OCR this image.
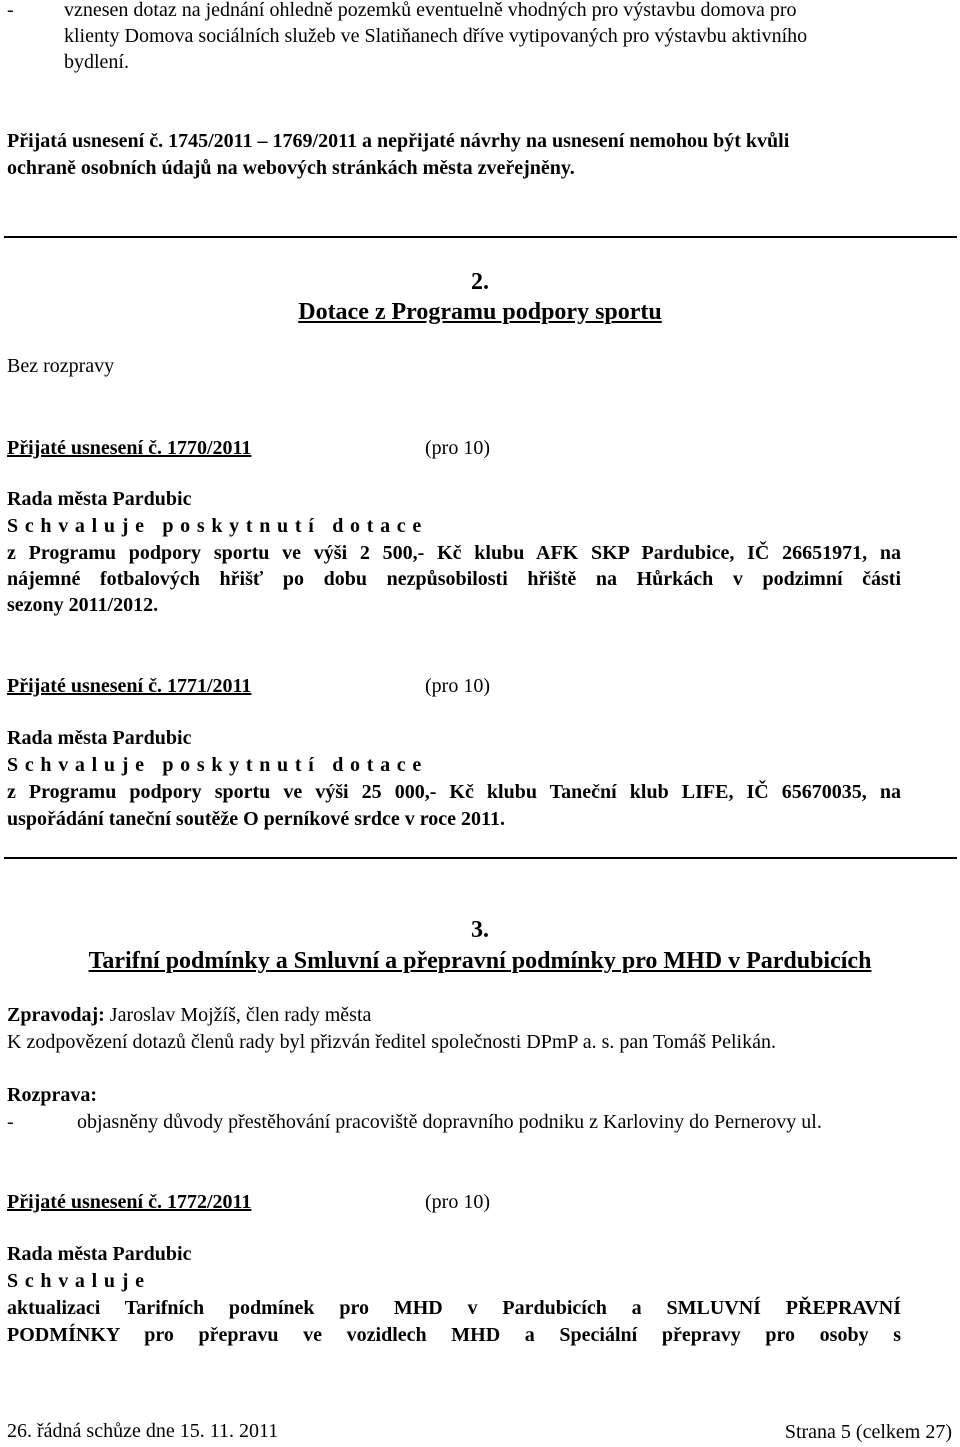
-	vznesen dotaz na jednání ohledně pozemků eventuelně vhodných pro výstavbu domova pro
klienty Domova sociálních služeb ve Slatiňanech dříve vytipovaných pro výstavbu aktivního
bydlení.
Přijatá usnesení č. 1745/2011 – 1769/2011 a nepřijaté návrhy na usnesení nemohou být kvůli
ochraně osobních údajů na webových stránkách města zveřejněny.
2.
Dotace z Programu podpory sportu
Bez rozpravy
Přijaté usnesení č. 1770/2011	(pro 10)
Rada města Pardubic
Schvaluje poskytnutí dotace
z Programu podpory sportu ve výši 2 500,- Kč klubu AFK SKP Pardubice, IČ 26651971, na
nájemné fotbalových hřišť po dobu nezpůsobilosti hřiště na Hůrkách v podzimní části
sezony 2011/2012.
Přijaté usnesení č. 1771/2011	(pro 10)
Rada města Pardubic
Schvaluje poskytnutí dotace
z Programu podpory sportu ve výši 25 000,- Kč klubu Taneční klub LIFE, IČ 65670035, na
uspořádání taneční soutěže O perníkové srdce v roce 2011.
3.
Tarifní podmínky a Smluvní a přepravní podmínky pro MHD v Pardubicích
Zpravodaj: Jaroslav Mojžíš, člen rady města
K zodpovězení dotazů členů rady byl přizván ředitel společnosti DPmP a. s. pan Tomáš Pelikán.
Rozprava:
-	objasněny důvody přestěhování pracoviště dopravního podniku z Karloviny do Pernerovy ul.
Přijaté usnesení č. 1772/2011	(pro 10)
Rada města Pardubic
Schvaluje
aktualizaci Tarifních podmínek pro MHD v Pardubicích a SMLUVNÍ PŘEPRAVNÍ
PODMÍNKY pro přepravu ve vozidlech MHD a Speciální přepravy pro osoby s
26. řádná schůze dne 15. 11. 2011	Strana 5 (celkem 27)
